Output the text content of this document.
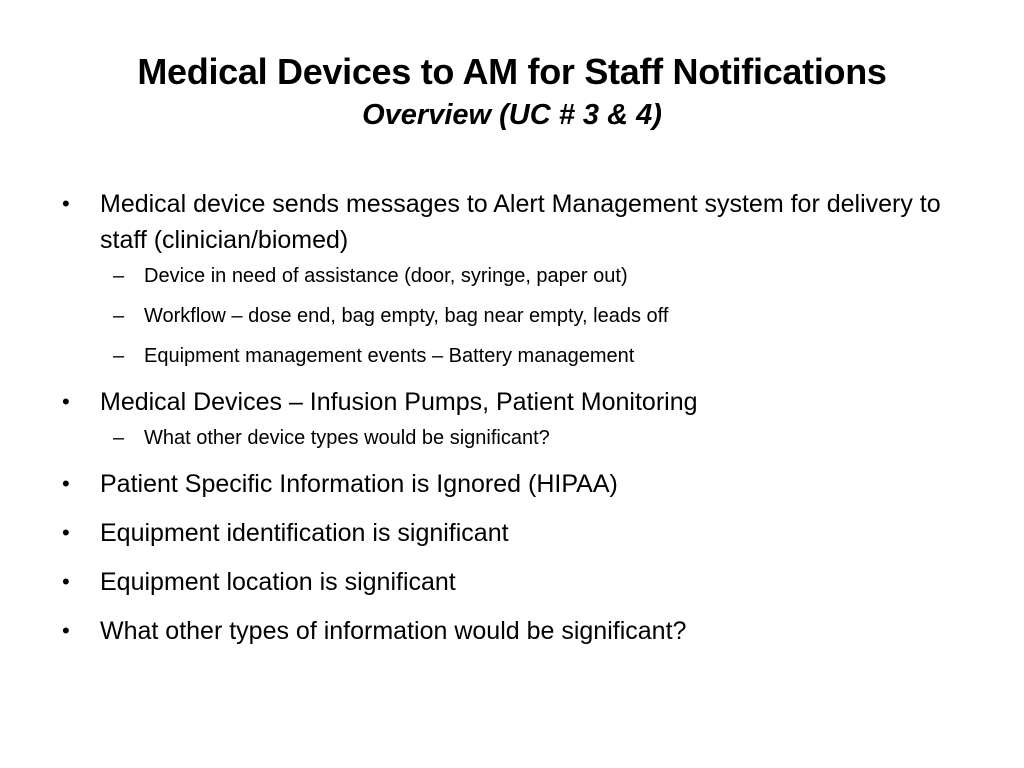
Medical Devices to AM for Staff Notifications
Overview (UC # 3 & 4)
•	Medical device sends messages to Alert Management system for delivery to staff (clinician/biomed)
– Device in need of assistance (door, syringe, paper out)
– Workflow – dose end, bag empty, bag near empty, leads off
– Equipment management events – Battery management
•	Medical Devices – Infusion Pumps, Patient Monitoring
– What other device types would be significant?
•	Patient Specific Information is Ignored (HIPAA)
•	Equipment identification is significant
•	Equipment location is significant
•	What other types of information would be significant?
